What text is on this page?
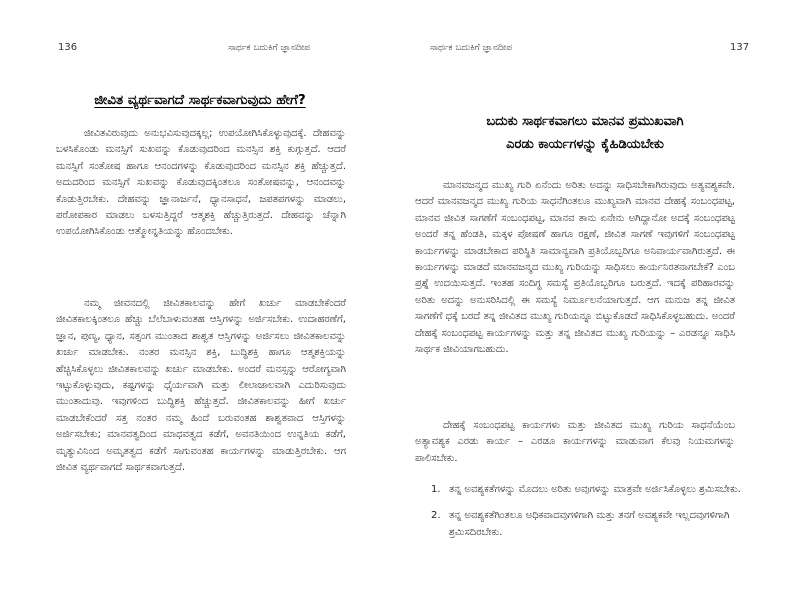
136	ಸಾರ್ಥಕ ಬದುಕಿಗೆ ಜ್ಞಾನದೀಪ
ಜೀವಿತ ವ್ಯರ್ಥವಾಗದೆ ಸಾರ್ಥಕವಾಗುವುದು ಹೇಗೆ?

ಜೀವಿತವಿರುವುದು ಅನುಭವಿಸುವುದಕ್ಕಲ್ಲ; ಉಪಯೋಗಿಸಿಕೊಳ್ಳುವುದಕ್ಕೆ. ದೇಹವನ್ನು ಬಳಸಿಕೊಂಡು ಮನಸ್ಸಿಗೆ ಸುಖವನ್ನು ಕೊಡುವುದರಿಂದ ಮನಸ್ಸಿನ ಶಕ್ತಿ ಕುಗ್ಗುತ್ತದೆ. ಆದರೆ ಮನಸ್ಸಿಗೆ ಸಂತೋಷ ಹಾಗೂ ಆನಂದಗಳನ್ನು ಕೊಡುವುದರಿಂದ ಮನಸ್ಸಿನ ಶಕ್ತಿ ಹೆಚ್ಚುತ್ತದೆ. ಅದುದರಿಂದ ಮನಸ್ಸಿಗೆ ಸುಖವನ್ನು ಕೊಡುವುದಕ್ಕಿಂತಲೂ ಸಂತೋಷವನ್ನು, ಆನಂದವನ್ನು ಕೊಡುತ್ತಿರಬೇಕು. ದೇಹವನ್ನು ಜ್ಞಾನಾರ್ಜನೆ, ಧ್ಯಾನಸಾಧನೆ, ಜಪತಪಗಳನ್ನು ಮಾಡಲು, ಪರೋಪಕಾರ ಮಾಡಲು ಬಳಸುತ್ತಿದ್ದರೆ ಆತ್ಮಶಕ್ತಿ ಹೆಚ್ಚುತ್ತಿರುತ್ತದೆ. ದೇಹವನ್ನು ಚೆನ್ನಾಗಿ ಉಪಯೋಗಿಸಿಕೊಂಡು ಆತ್ಮೋನ್ನತಿಯನ್ನು ಹೊಂದಬೇಕು.

ನಮ್ಮ ಜೀವನದಲ್ಲಿ ಜೀವಿತಕಾಲವನ್ನು ಹೇಗೆ ಖರ್ಚು ಮಾಡಬೇಕೆಂದರೆ ಜೀವಿತಕಾಲಕ್ಕಿಂತಲೂ ಹೆಚ್ಚು ಬೆಲೆಬಾಳುವಂತಹ ಆಸ್ತಿಗಳನ್ನು ಅರ್ಜಿಸಬೇಕು. ಉದಾಹರಣೆಗೆ, ಜ್ಞಾನ, ಪುಣ್ಯ, ಧ್ಯಾನ, ಸತ್ಸಂಗ ಮುಂತಾದ ಶಾಶ್ವತ ಆಸ್ತಿಗಳನ್ನು ಅರ್ಜಿಸಲು ಜೀವಿತಕಾಲವನ್ನು ಖರ್ಚು ಮಾಡಬೇಕು. ನಂತರ ಮನಸ್ಸಿನ ಶಕ್ತಿ, ಬುದ್ಧಿಶಕ್ತಿ ಹಾಗೂ ಆತ್ಮಶಕ್ತಿಯನ್ನು ಹೆಚ್ಚಿಸಿಕೊಳ್ಳಲು ಜೀವಿತಕಾಲವನ್ನು ಖರ್ಚು ಮಾಡಬೇಕು. ಅಂದರೆ ಮನಸ್ಸನ್ನು ಆರೋಗ್ಯವಾಗಿ ಇಟ್ಟುಕೊಳ್ಳುವುದು, ಕಷ್ಟಗಳನ್ನು ಧೈರ್ಯವಾಗಿ ಮತ್ತು ಲೀಲಾಜಾಲವಾಗಿ ಎದುರಿಸುವುದು ಮುಂತಾದುವು. ಇವುಗಳಿಂದ ಬುದ್ಧಿಶಕ್ತಿ ಹೆಚ್ಚುತ್ತದೆ. ಜೀವಿತಕಾಲವನ್ನು ಹೀಗೆ ಖರ್ಚು ಮಾಡಬೇಕೆಂದರೆ ಸತ್ತ ನಂತರ ನಮ್ಮ ಹಿಂದೆ ಬರುವಂತಹ ಶಾಶ್ವತವಾದ ಆಸ್ತಿಗಳನ್ನು ಅರ್ಜಿಸಬೇಕು; ಮಾನವತ್ವದಿಂದ ಮಾಧವತ್ವದ ಕಡೆಗೆ, ಅವನತಿಯಿಂದ ಉನ್ನತಿಯ ಕಡೆಗೆ, ಮೃತ್ಯುವಿನಿಂದ ಅಮೃತತ್ವದ ಕಡೆಗೆ ಸಾಗುವಂತಹ ಕಾರ್ಯಗಳನ್ನು ಮಾಡುತ್ತಿರಬೇಕು. ಆಗ ಜೀವಿತ ವ್ಯರ್ಥವಾಗದೆ ಸಾರ್ಥಕವಾಗುತ್ತದೆ.

ಸಾರ್ಥಕ ಬದುಕಿಗೆ ಜ್ಞಾನದೀಪ	137
ಬದುಕು ಸಾರ್ಥಕವಾಗಲು ಮಾನವ ಪ್ರಮುಖವಾಗಿ
ಎರಡು ಕಾರ್ಯಗಳನ್ನು ಕೈಹಿಡಿಯಬೇಕು

ಮಾನವಜನ್ಮದ ಮುಖ್ಯ ಗುರಿ ಏನೆಂದು ಅರಿತು ಅದನ್ನು ಸಾಧಿಸಬೇಕಾಗಿರುವುದು ಅತ್ಯವಶ್ಯಕವೇ. ಆದರೆ ಮಾನವಜನ್ಮದ ಮುಖ್ಯ ಗುರಿಯ ಸಾಧನೆಗಿಂತಲೂ ಮುಖ್ಯವಾಗಿ ಮಾನವ ದೇಹಕ್ಕೆ ಸಂಬಂಧಪಟ್ಟ, ಮಾನವ ಜೀವಿತ ಸಾಗಣೆಗೆ ಸಂಬಂಧಪಟ್ಟ, ಮಾನವ ತಾನು ಏನೇನು ಅಗಿದ್ದಾನೋ ಅದಕ್ಕೆ ಸಂಬಂಧಪಟ್ಟ ಅಂದರೆ ತನ್ನ ಹೆಂಡತಿ, ಮಕ್ಕಳ ಪೋಷಣೆ ಹಾಗೂ ರಕ್ಷಣೆ, ಜೀವಿತ ಸಾಗಣೆ ಇವುಗಳಿಗೆ ಸಂಬಂಧಪಟ್ಟ ಕಾರ್ಯಗಳನ್ನು ಮಾಡಬೇಕಾದ ಪರಿಸ್ಥಿತಿ ಸಾಮಾನ್ಯವಾಗಿ ಪ್ರತಿಯೊಬ್ಬರಿಗೂ ಅನಿವಾರ್ಯವಾಗಿರುತ್ತದೆ. ಈ ಕಾರ್ಯಗಳನ್ನು ಮಾಡದೆ ಮಾನವಜನ್ಮದ ಮುಖ್ಯ ಗುರಿಯನ್ನು ಸಾಧಿಸಲು ಕಾರ್ಯನಿರತನಾಗಬೇಕೆ? ಎಂಬ ಪ್ರಶ್ನೆ ಉದಯಿಸುತ್ತದೆ. ಇಂತಹ ಸಂದಿಗ್ಧ ಸಮಸ್ಯೆ ಪ್ರತಿಯೊಬ್ಬರಿಗೂ ಬರುತ್ತದೆ. ಇದಕ್ಕೆ ಪರಿಹಾರವನ್ನು ಅರಿತು ಅದನ್ನು ಅನುಸರಿಸಿದಲ್ಲಿ ಈ ಸಮಸ್ಯೆ ನಿರ್ಮೂಲನೆಯಾಗುತ್ತದೆ. ಆಗ ಮನುಜ ತನ್ನ ಜೀವಿತ ಸಾಗಣೆಗೆ ಧಕ್ಕೆ ಬರದೆ ತನ್ನ ಜೀವಿತದ ಮುಖ್ಯ ಗುರಿಯನ್ನೂ ಬಿಟ್ಟುಕೊಡದೆ ಸಾಧಿಸಿಕೊಳ್ಳಬಹುದು. ಅಂದರೆ ದೇಹಕ್ಕೆ ಸಂಬಂಧಪಟ್ಟ ಕಾರ್ಯಗಳನ್ನು ಮತ್ತು ತನ್ನ ಜೀವಿತದ ಮುಖ್ಯ ಗುರಿಯನ್ನು – ಎರಡನ್ನೂ ಸಾಧಿಸಿ ಸಾರ್ಥಕ ಜೀವಿಯಾಗಬಹುದು.

ದೇಹಕ್ಕೆ ಸಂಬಂಧಪಟ್ಟ ಕಾರ್ಯಗಳು ಮತ್ತು ಜೀವಿತದ ಮುಖ್ಯ ಗುರಿಯ ಸಾಧನೆಯೆಂಬ ಅತ್ಯಾವಶ್ಯಕ ಎರಡು ಕಾರ್ಯ – ಎರಡೂ ಕಾರ್ಯಗಳನ್ನು ಮಾಡುವಾಗ ಕೆಲವು ನಿಯಮಗಳನ್ನು ಪಾಲಿಸಬೇಕು.

1. ತನ್ನ ಅವಶ್ಯಕತೆಗಳನ್ನು ಮೊದಲು ಅರಿತು ಅವುಗಳನ್ನು ಮಾತ್ರವೇ ಅರ್ಜಿಸಿಕೊಳ್ಳಲು ಶ್ರಮಿಸಬೇಕು.
2. ತನ್ನ ಅವಶ್ಯಕತೆಗಿಂತಲೂ ಅಧಿಕವಾದವುಗಳಿಗಾಗಿ ಮತ್ತು ತನಗೆ ಅವಶ್ಯಕವೇ ಇಲ್ಲದವುಗಳಿಗಾಗಿ ಶ್ರಮಿಸದಿರಬೇಕು.
